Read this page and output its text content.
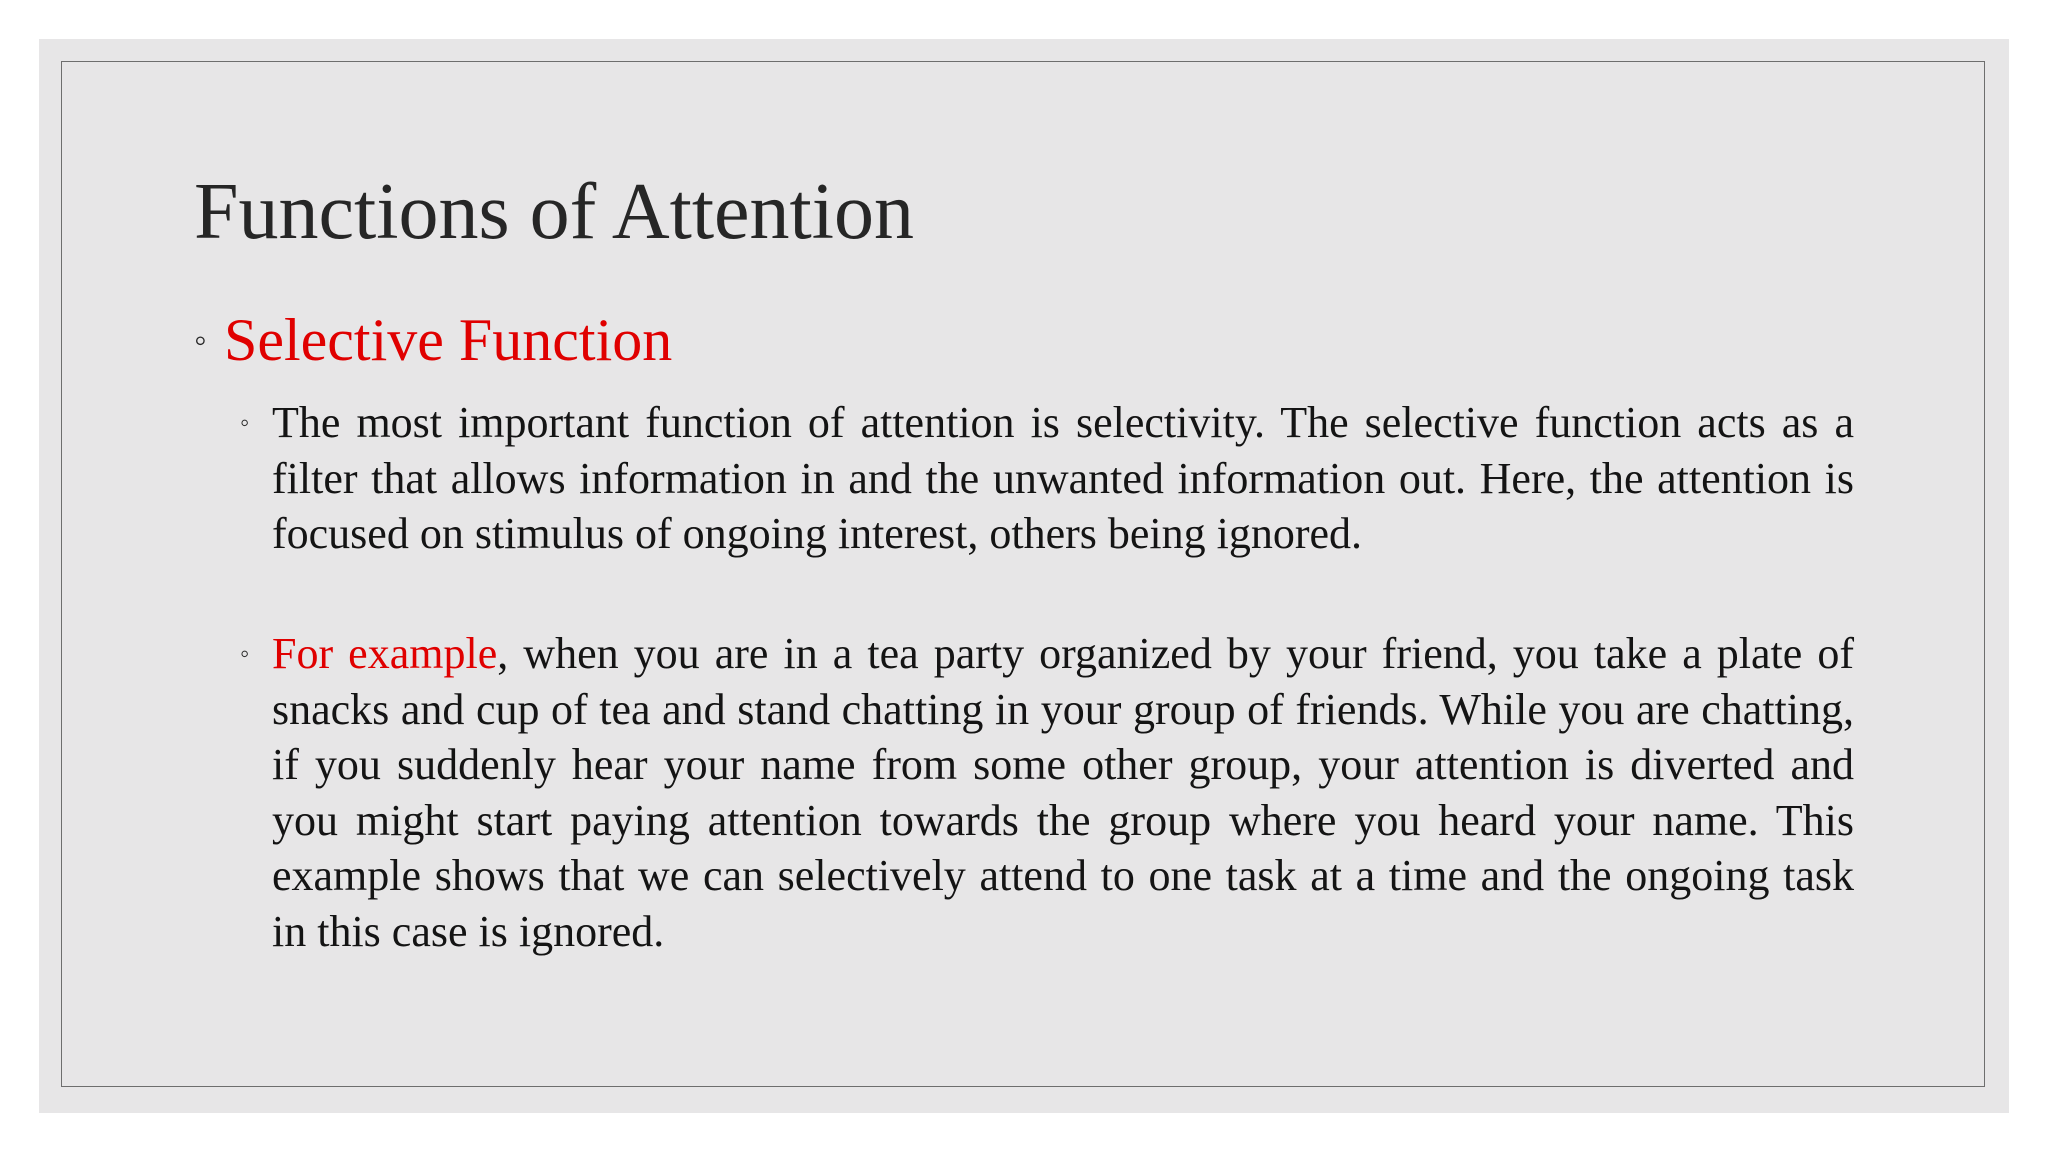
Functions of Attention
◦ Selective Function
◦ The most important function of attention is selectivity. The selective function acts as a filter that allows information in and the unwanted information out. Here, the attention is focused on stimulus of ongoing interest, others being ignored.
◦ For example, when you are in a tea party organized by your friend, you take a plate of snacks and cup of tea and stand chatting in your group of friends. While you are chatting, if you suddenly hear your name from some other group, your attention is diverted and you might start paying attention towards the group where you heard your name. This example shows that we can selectively attend to one task at a time and the ongoing task in this case is ignored.
